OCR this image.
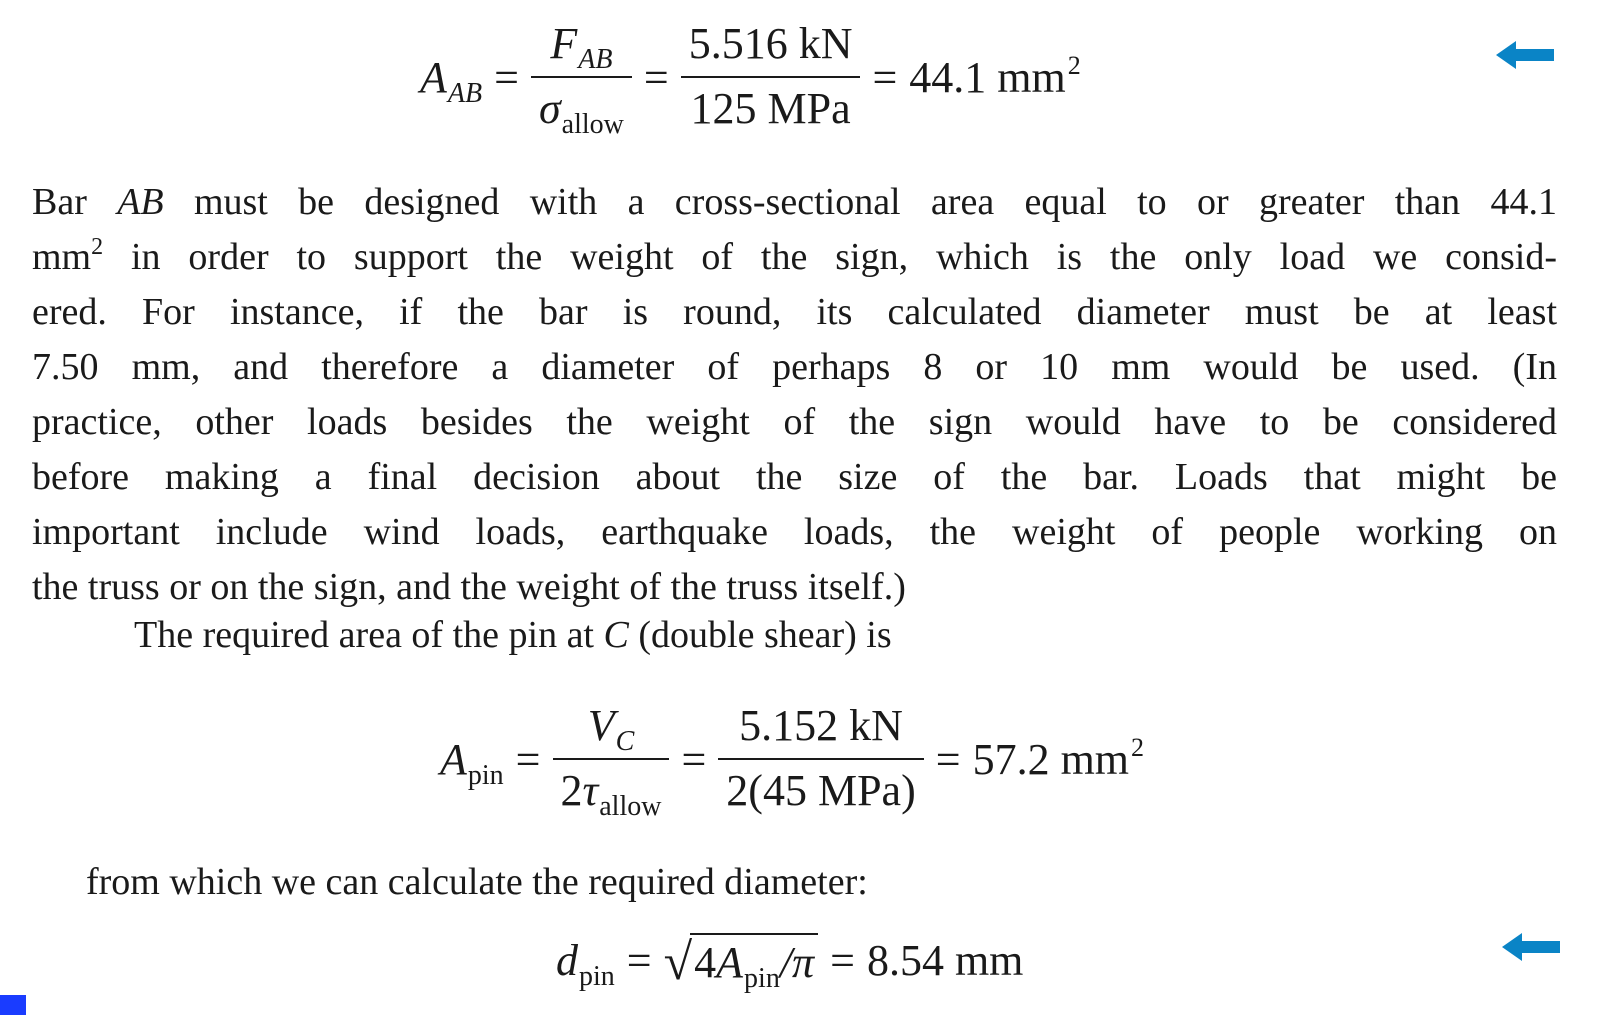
A AB = $\frac{\text{F AB}}{\text{σ allow}} = \frac{5.516 kN}{\text{125 MPa}} = 44.1$ mm 2
Bar AB must be designed with a cross-sectional area equal to or greater than 44.1
$mm^2$ in order to support the weight of the sign, which is the only load we consid-
ered. For instance, if the bar is round, its calculated diameter must be at least
7.50 mm, and therefore a diameter of perhaps 8 or 10 mm would be used. (In
practice, other loads besides the weight of the sign would have to be considered
before making a final decision about the size of the bar. Loads that might be
important include wind loads, earthquake loads, the weight of people working on
the truss or on the sign, and the weight of the truss itself.)
The required area of the pin at C (double shear) is
A pin = $\frac{\text{V C}}{\text{2 τ allow}} = \frac{5.152 kN}{\text{2(45 MPa)}} = 57.2$ mm 2
from which we can calculate the required diameter:
d pin = √ 4 A pin /π = 8.54 mm
